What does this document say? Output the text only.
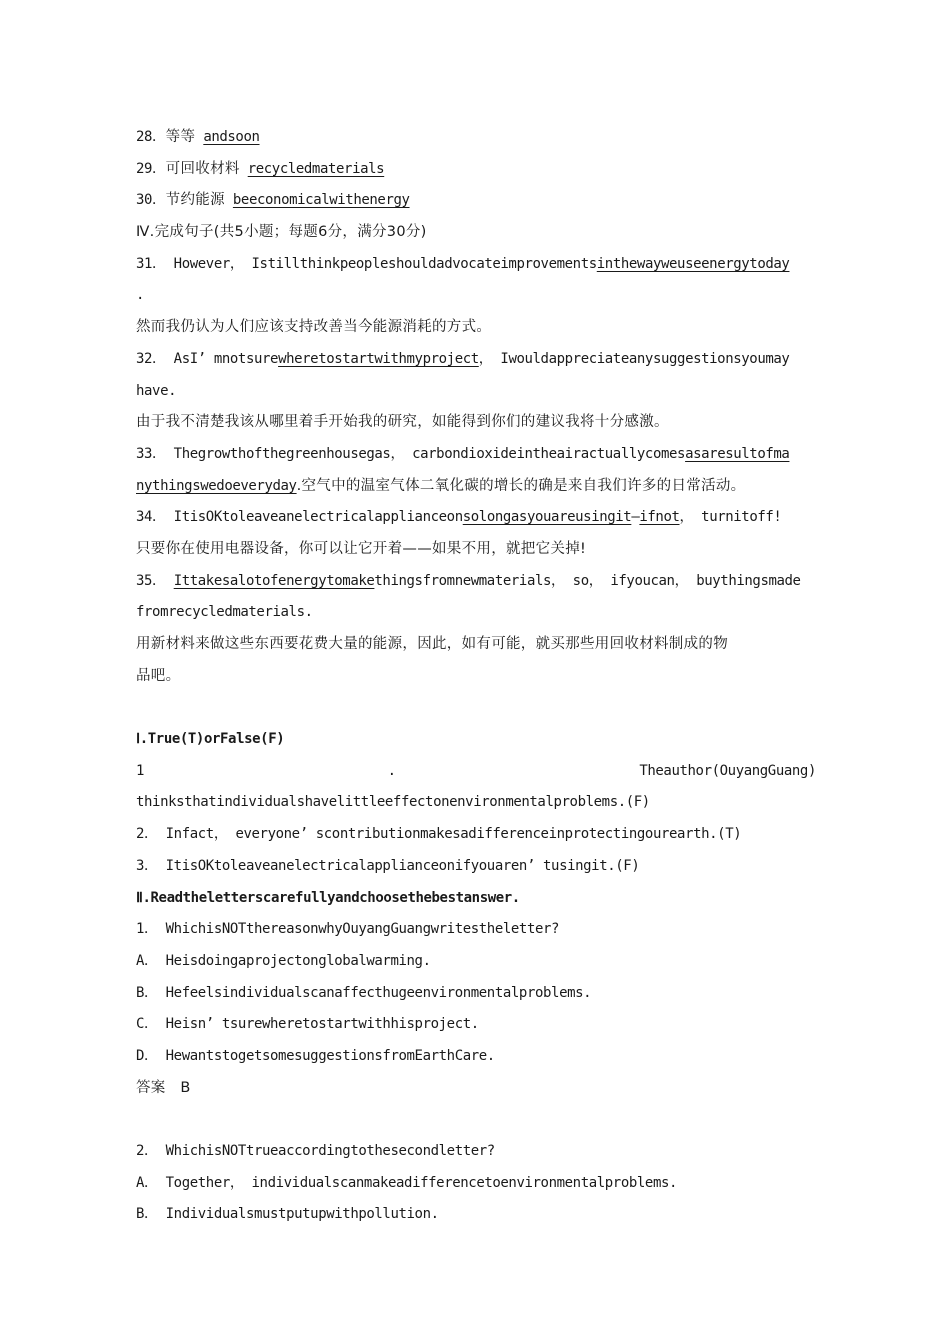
28．等等 andsoon
29．可回收材料 recycledmaterials
30．节约能源 beeconomicalwithenergy
Ⅳ.完成句子(共5小题；每题6分，满分30分)
31． However， Istillthinkpeopleshouldadvocateimprovementsinthewayweuseenergytoday
.
然而我仍认为人们应该支持改善当今能源消耗的方式。
32． AsI’ mnotsurewheretostartwithmyproject， Iwouldappreciateanysuggestionsyoumay
have.
由于我不清楚我该从哪里着手开始我的研究，如能得到你们的建议我将十分感激。
33． Thegrowthofthegreenhousegas， carbondioxideintheairactuallycomesasaresultofma
nythingswedoeveryday.空气中的温室气体二氧化碳的增长的确是来自我们许多的日常活动。
34． ItisOKtoleaveanelectricalapplianceonsolongasyouareusingit—ifnot， turnitoff!
只要你在使用电器设备，你可以让它开着——如果不用，就把它关掉!
35． Ittakesalotofenergytomakethingsfromnewmaterials， so， ifyoucan， buythingsmade
fromrecycledmaterials.
用新材料来做这些东西要花费大量的能源，因此，如有可能，就买那些用回收材料制成的物
品吧。
Ⅰ.True(T)orFalse(F)
1	.	Theauthor(OuyangGuang)
thinksthatindividualshavelittleeffectonenvironmentalproblems.(F)
2． Infact， everyone’ scontributionmakesadifferenceinprotectingourearth.(T)
3． ItisOKtoleaveanelectricalapplianceonifyouaren’ tusingit.(F)
Ⅱ.Readtheletterscarefullyandchoosethebestanswer.
1． WhichisNOTthereasonwhyOuyangGuangwritestheletter?
A． Heisdoingaprojectonglobalwarming.
B． Hefeelsindividualscanaffecthugeenvironmentalproblems.
C． Heisn’ tsurewheretostartwithhisproject.
D． HewantstogetsomesuggestionsfromEarthCare.
答案　B
2． WhichisNOTtrueaccordingtothesecondletter?
A． Together， individualscanmakeadifferencetoenvironmentalproblems.
B． Individualsmustputupwithpollution.
